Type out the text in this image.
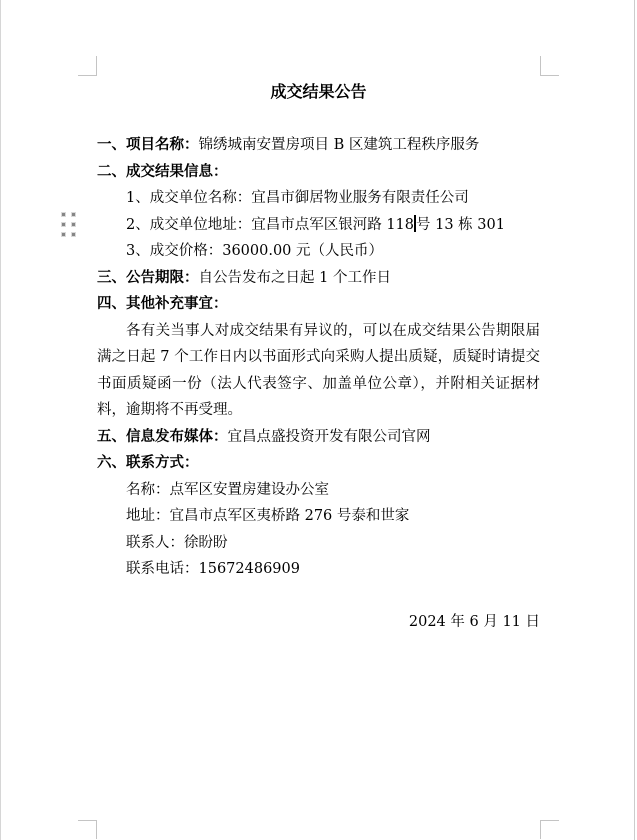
成交结果公告
一、项目名称：锦绣城南安置房项目 B 区建筑工程秩序服务
二、成交结果信息：
1、成交单位名称：宜昌市御居物业服务有限责任公司
2、成交单位地址：宜昌市点军区银河路 118 号 13 栋 301
3、成交价格：36000.00 元（人民币）
三、公告期限：自公告发布之日起 1 个工作日
四、其他补充事宜：

各有关当事人对成交结果有异议的，可以在成交结果公告期限届满之日起 7 个工作日内以书面形式向采购人提出质疑，质疑时请提交书面质疑函一份（法人代表签字、加盖单位公章），并附相关证据材料，逾期将不再受理。

五、信息发布媒体：宜昌点盛投资开发有限公司官网
六、联系方式：
名称：点军区安置房建设办公室
地址：宜昌市点军区夷桥路 276 号泰和世家
联系人：徐盼盼
联系电话：15672486909
2024 年 6 月 11 日
